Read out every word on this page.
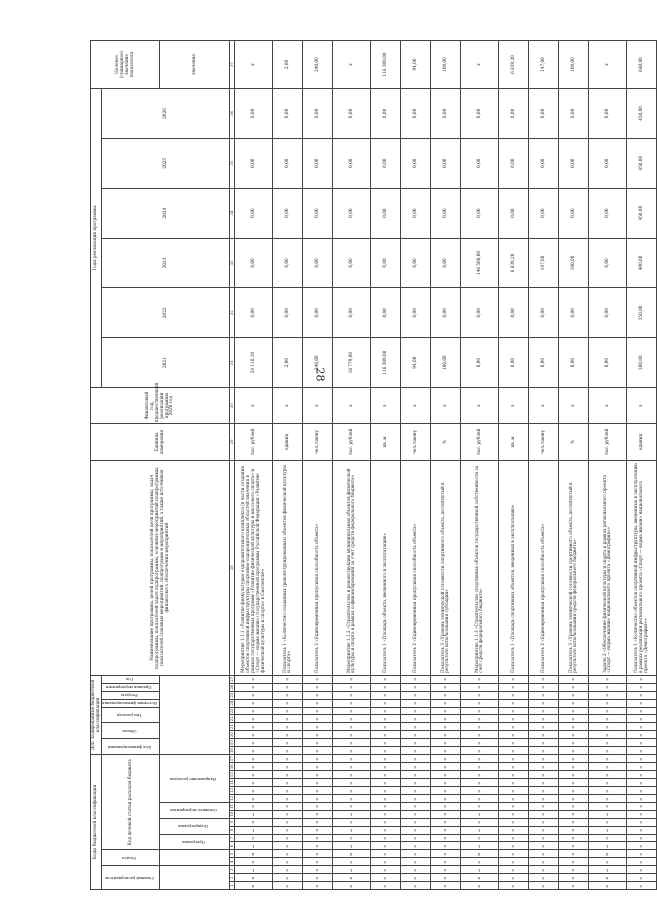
28
Коды бюджетной классификации																	Доп. кодированные бюджетной классификации										Наименование программы, целей программы, показателей цели программы, задач подпрограммы, показателей задач подпрограммы, основных мероприятий подпрограммы, показателей основных мероприятий, подпрограмм и мероприятий, а также источников финансового обеспечения мероприятий	Единица измерения	Финансовый год, предшествующий реализации программы 2020 год	Годы реализации программы						Целевое (суммарное) значение показателя
Главный распорядитель			Раздел		Код целевой статьи расходов бюджета												Код финансирования		Объект		Тип расхода		Источник финансирования	Ресурсы	Признак мероприятия	Год				2021	2022	2023	2024	2025	2026	
					Программа		Подпрограмма		Основное мероприятие		Направление расходов																									значение
1	2	3	4	5	6	7	8	9	10	11	12	13	14	15	16	17	18	19	20	21	22	23	24	25	26	27	28	29	30	31	32	33	34	35	36	37
8	6	1	0	4	1	2	1	0	1	0	0	0	0	0	0	0	0	0	0	0	0	0	0	0	0	0	Мероприятие 1.1.1 «Развитие физкультурно-оздоровительного комплекса (в части создания объектов спортивной инфраструктуры спортивно-оздоровительных областей значения в рамках государственных программ «Развитие физической культуры и массового спорта» и «Спорт — норма жизни») государственной программы Российской Федерации «Развитие физической культуры и спорта» в Смоленске»	тыс. рублей	х	24 110,10	0,00	0,00	0,00	0,00	0,00	х
0	0	0	0	0	0	0	0	0	0	0	0	0	0	0	0	0	0	0	0	0	0	0	0	0	0	0	Показатель 1 «Количество созданных (реконструированных) объектов физической культуры и спорта»	единиц	х	2,00	0,00	0,00	0,00	0,00	0,00	2,00
0	0	0	0	0	0	0	0	0	0	0	0	0	0	0	0	0	0	0	0	0	0	0	0	0	0	0	Показатель 2 «Единовременная пропускная способность объекта»	чел./смену	х	240,00	0,00	0,00	0,00	0,00	0,00	240,00
8	6	1	0	4	1	2	1	0	1	0	0	0	0	0	0	0	0	0	0	0	0	0	0	0	0	0	Мероприятие 1.1.2 «Строительство и реконструкция муниципальных объектов физической культуры и спорта в рамках софинансирования за счет средств федерального бюджета»	тыс. рублей	х	18 779,00	0,00	0,00	0,00	0,00	0,00	х
0	0	0	0	0	0	0	0	0	0	0	0	0	0	0	0	0	0	0	0	0	0	0	0	0	0	0	Показатель 1 «Площадь объекта, введенного в эксплуатацию»	кв. м	х	116 309,00	0,00	0,00	0,00	0,00	0,00	116 309,00
0	0	0	0	0	0	0	0	0	0	0	0	0	0	0	0	0	0	0	0	0	0	0	0	0	0	0	Показатель 2 «Единовременная пропускная способность объекта»	чел./смену	х	94,00	0,00	0,00	0,00	0,00	0,00	94,00
0	0	0	0	0	0	0	0	0	0	0	0	0	0	0	0	0	0	0	0	0	0	0	0	0	0	0	Показатель 3 «Уровень технической готовности спортивного объекта, достигнутый в результате использования субсидии»	%	х	100,00	0,00	0,00	0,00	0,00	0,00	100,00
8	6	1	0	4	1	2	1	0	1	0	0	0	0	0	0	0	0	0	0	0	0	0	0	0	0	0	Мероприятие 1.1.3 «Строительство спортивных объектов государственной собственности за счет средств федерального бюджета»	тыс. рублей	х	0,00	0,00	146 500,00	0,00	0,00	0,00	х
0	0	0	0	0	0	0	0	0	0	0	0	0	0	0	0	0	0	0	0	0	0	0	0	0	0	0	Показатель 1 «Площадь спортивных объектов, введенных в эксплуатацию»	кв. м	х	0,00	0,00	6 839,20	0,00	0,00	0,00	6 839,20
0	0	0	0	0	0	0	0	0	0	0	0	0	0	0	0	0	0	0	0	0	0	0	0	0	0	0	Показатель 2 «Единовременная пропускная способность объекта»	чел./смену	х	0,00	0,00	147,00	0,00	0,00	0,00	147,00
0	0	0	0	0	0	0	0	0	0	0	0	0	0	0	0	0	0	0	0	0	0	0	0	0	0	0	Показатель 3 «Уровень технической готовности спортивного объекта, достигнутый в результате использования средств федерального бюджета»	%	х	0,00	0,00	100,00	0,00	0,00	0,00	100,00
8	6	1	0	4	1	2	1	0	1	0	0	0	0	0	0	0	0	0	0	0	0	0	0	0	0	0	Задача 2 «Обеспечение физической культуры и спорта в рамках регионального проекта «Спорт — норма жизни» национального проекта «Демография»»	тыс. рублей	х	0,00	0,00	0,00	0,00	0,00	0,00	х
0	0	0	0	0	0	0	0	0	0	0	0	0	0	0	0	0	0	0	0	0	0	0	0	0	0	0	Показатель 1 «Количество объектов спортивной инфраструктуры, введенных в эксплуатацию в рамках реализации регионального проекта «Спорт — норма жизни» национального проекта «Демография»»	единиц	х	300,00	350,00	400,00	450,00	450,00	450,00	640,00
